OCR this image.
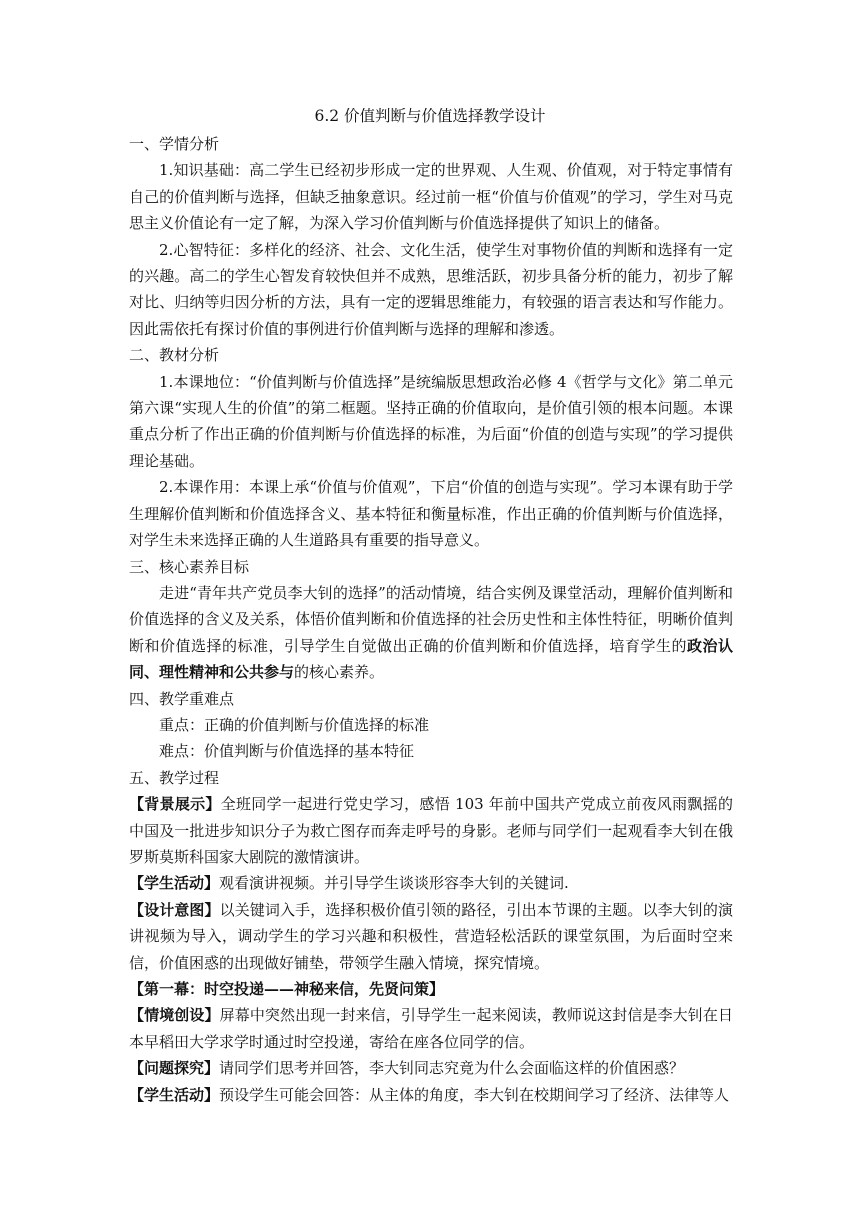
6.2 价值判断与价值选择教学设计

一、学情分析

1.知识基础：高二学生已经初步形成一定的世界观、人生观、价值观，对于特定事情有自己的价值判断与选择，但缺乏抽象意识。经过前一框“价值与价值观”的学习，学生对马克思主义价值论有一定了解，为深入学习价值判断与价值选择提供了知识上的储备。

2.心智特征：多样化的经济、社会、文化生活，使学生对事物价值的判断和选择有一定的兴趣。高二的学生心智发育较快但并不成熟，思维活跃，初步具备分析的能力，初步了解对比、归纳等归因分析的方法，具有一定的逻辑思维能力，有较强的语言表达和写作能力。因此需依托有探讨价值的事例进行价值判断与选择的理解和渗透。

二、教材分析

1.本课地位：“价值判断与价值选择”是统编版思想政治必修 4《哲学与文化》第二单元第六课“实现人生的价值”的第二框题。坚持正确的价值取向，是价值引领的根本问题。本课重点分析了作出正确的价值判断与价值选择的标准，为后面“价值的创造与实现”的学习提供理论基础。

2.本课作用：本课上承“价值与价值观”，下启“价值的创造与实现”。学习本课有助于学生理解价值判断和价值选择含义、基本特征和衡量标准，作出正确的价值判断与价值选择，对学生未来选择正确的人生道路具有重要的指导意义。

三、核心素养目标

走进“青年共产党员李大钊的选择”的活动情境，结合实例及课堂活动，理解价值判断和价值选择的含义及关系，体悟价值判断和价值选择的社会历史性和主体性特征，明晰价值判断和价值选择的标准，引导学生自觉做出正确的价值判断和价值选择，培育学生的政治认同、理性精神和公共参与的核心素养。

四、教学重难点

重点：正确的价值判断与价值选择的标准

难点：价值判断与价值选择的基本特征

五、教学过程

【背景展示】全班同学一起进行党史学习，感悟 103 年前中国共产党成立前夜风雨飘摇的中国及一批进步知识分子为救亡图存而奔走呼号的身影。老师与同学们一起观看李大钊在俄罗斯莫斯科国家大剧院的激情演讲。

【学生活动】观看演讲视频。并引导学生谈谈形容李大钊的关键词.

【设计意图】以关键词入手，选择积极价值引领的路径，引出本节课的主题。以李大钊的演讲视频为导入，调动学生的学习兴趣和积极性，营造轻松活跃的课堂氛围，为后面时空来信，价值困惑的出现做好铺垫，带领学生融入情境，探究情境。

【第一幕：时空投递——神秘来信，先贤问策】

【情境创设】屏幕中突然出现一封来信，引导学生一起来阅读，教师说这封信是李大钊在日本早稻田大学求学时通过时空投递，寄给在座各位同学的信。

【问题探究】请同学们思考并回答，李大钊同志究竟为什么会面临这样的价值困惑？

【学生活动】预设学生可能会回答：从主体的角度，李大钊在校期间学习了经济、法律等人
